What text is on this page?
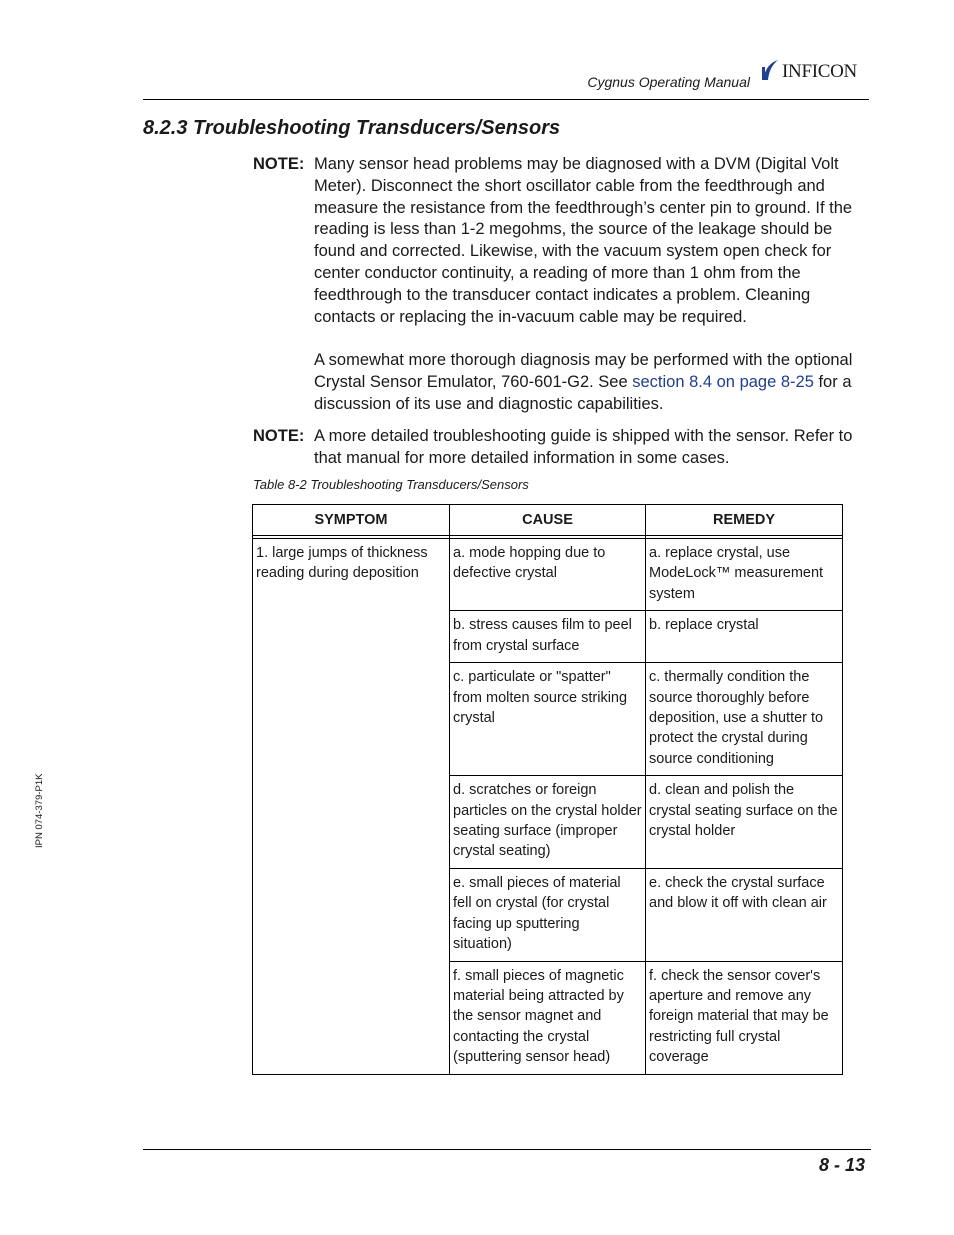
Cygnus Operating Manual INFICON
8.2.3 Troubleshooting Transducers/Sensors
NOTE: Many sensor head problems may be diagnosed with a DVM (Digital Volt Meter). Disconnect the short oscillator cable from the feedthrough and measure the resistance from the feedthrough’s center pin to ground. If the reading is less than 1-2 megohms, the source of the leakage should be found and corrected. Likewise, with the vacuum system open check for center conductor continuity, a reading of more than 1 ohm from the feedthrough to the transducer contact indicates a problem. Cleaning contacts or replacing the in-vacuum cable may be required.

A somewhat more thorough diagnosis may be performed with the optional Crystal Sensor Emulator, 760-601-G2. See section 8.4 on page 8-25 for a discussion of its use and diagnostic capabilities.

NOTE: A more detailed troubleshooting guide is shipped with the sensor. Refer to that manual for more detailed information in some cases.

Table 8-2 Troubleshooting Transducers/Sensors
SYMPTOM	CAUSE	REMEDY

1. large jumps of thickness reading during deposition	a. mode hopping due to defective crystal	a. replace crystal, use ModeLock™ measurement system
	b. stress causes film to peel from crystal surface	b. replace crystal
	c. particulate or "spatter" from molten source striking crystal	c. thermally condition the source thoroughly before deposition, use a shutter to protect the crystal during source conditioning
	d. scratches or foreign particles on the crystal holder seating surface (improper crystal seating)	d. clean and polish the crystal seating surface on the crystal holder
	e. small pieces of material fell on crystal (for crystal facing up sputtering situation)	e. check the crystal surface and blow it off with clean air
	f. small pieces of magnetic material being attracted by the sensor magnet and contacting the crystal (sputtering sensor head)	f. check the sensor cover's aperture and remove any foreign material that may be restricting full crystal coverage
IPN 074-379-P1K
8 - 13
